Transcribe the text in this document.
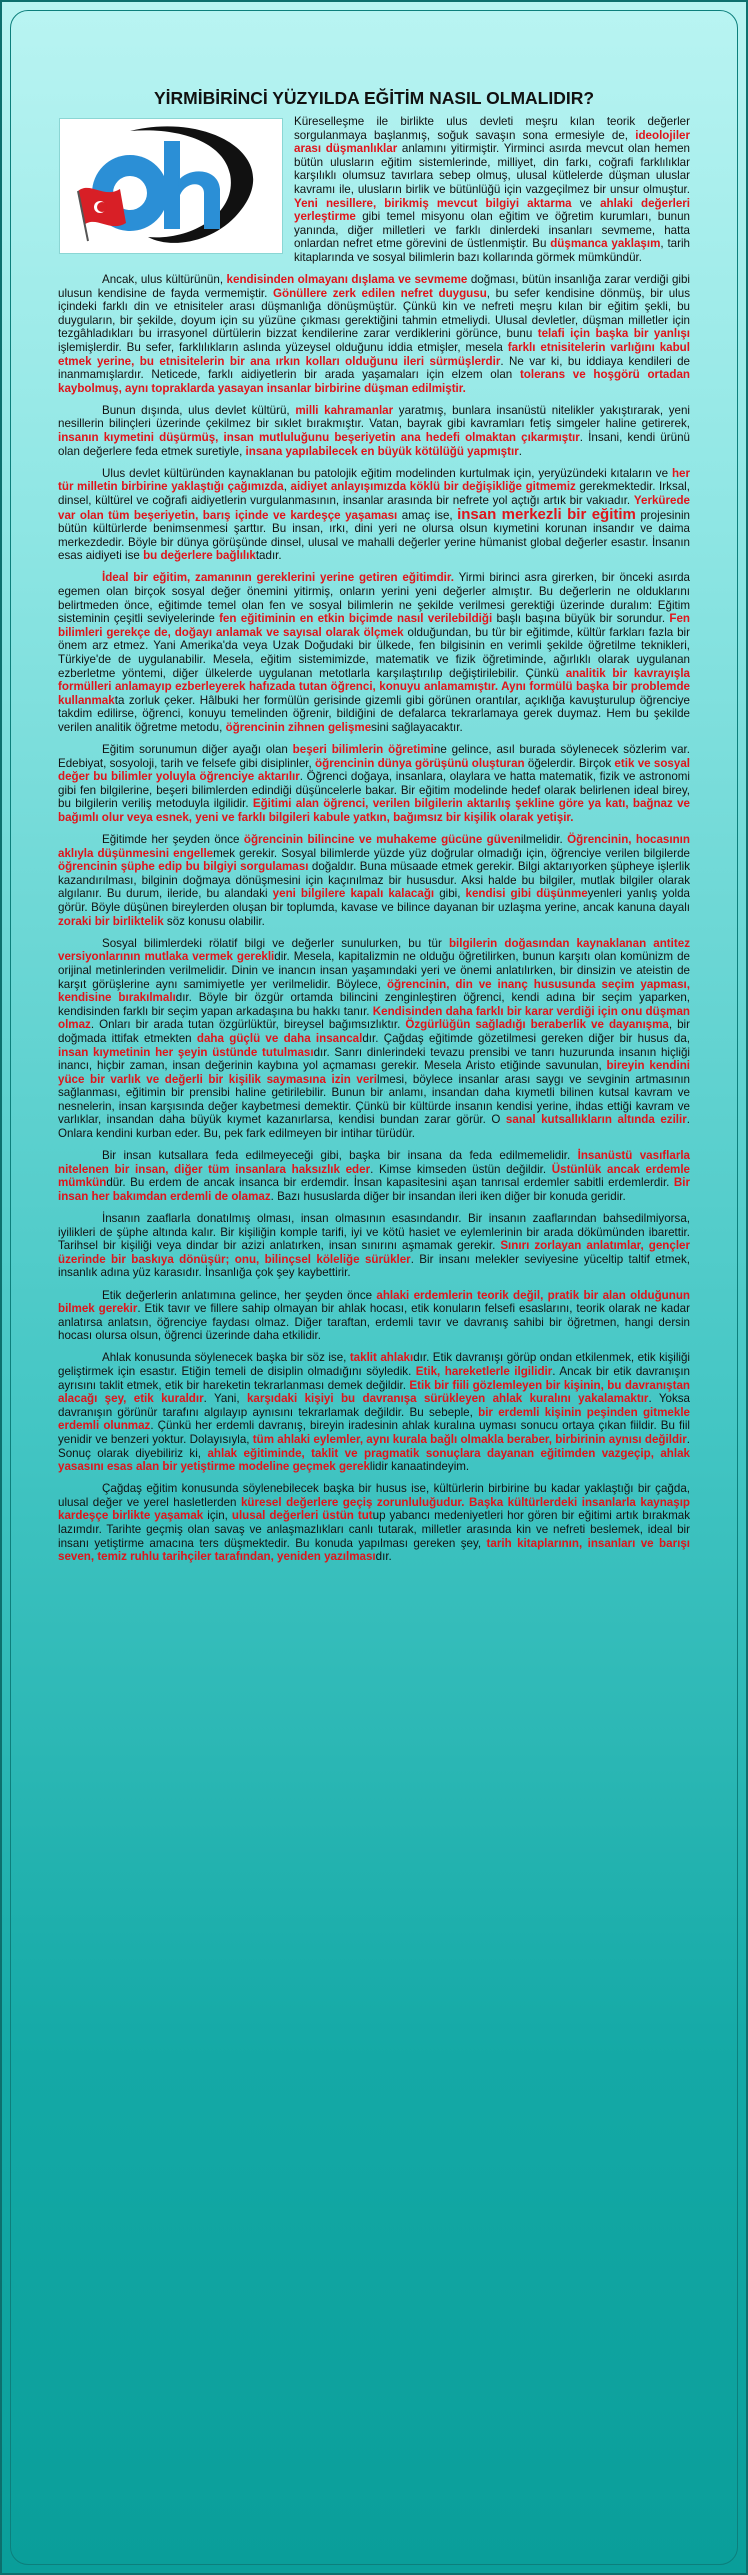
YİRMİBİRİNCİ YÜZYILDA EĞİTİM NASIL OLMALIDIR?

Küreselleşme ile birlikte ulus devleti meşru kılan teorik değerler sorgulanmaya başlanmış, soğuk savaşın sona ermesiyle de, ideolojiler arası düşmanlıklar anlamını yitirmiştir. Yirminci asırda mevcut olan hemen bütün ulusların eğitim sistemlerinde, milliyet, din farkı, coğrafi farklılıklar karşılıklı olumsuz tavırlara sebep olmuş, ulusal kütlelerde düşman uluslar kavramı ile, ulusların birlik ve bütünlüğü için vazgeçilmez bir unsur olmuştur. Yeni nesillere, birikmiş mevcut bilgiyi aktarma ve ahlaki değerleri yerleştirme gibi temel misyonu olan eğitim ve öğretim kurumları, bunun yanında, diğer milletleri ve farklı dinlerdeki insanları sevmeme, hatta onlardan nefret etme görevini de üstlenmiştir. Bu düşmanca yaklaşım, tarih kitaplarında ve sosyal bilimlerin bazı kollarında görmek mümkündür.

Ancak, ulus kültürünün, kendisinden olmayanı dışlama ve sevmeme doğması, bütün insanlığa zarar verdiği gibi ulusun kendisine de fayda vermemiştir. Gönüllere zerk edilen nefret duygusu, bu sefer kendisine dönmüş, bir ulus içindeki farklı din ve etnisiteler arası düşmanlığa dönüşmüştür. Çünkü kin ve nefreti meşru kılan bir eğitim şekli, bu duyguların, bir şekilde, doyum için su yüzüne çıkması gerektiğini tahmin etmeliydi. Ulusal devletler, düşman milletler için tezgâhladıkları bu irrasyonel dürtülerin bizzat kendilerine zarar verdiklerini görünce, bunu telafi için başka bir yanlışı işlemişlerdir. Bu sefer, farklılıkların aslında yüzeysel olduğunu iddia etmişler, mesela farklı etnisitelerin varlığını kabul etmek yerine, bu etnisitelerin bir ana ırkın kolları olduğunu ileri sürmüşlerdir. Ne var ki, bu iddiaya kendileri de inanmamışlardır. Neticede, farklı aidiyetlerin bir arada yaşamaları için elzem olan tolerans ve hoşgörü ortadan kaybolmuş, aynı topraklarda yasayan insanlar birbirine düşman edilmiştir.

Bunun dışında, ulus devlet kültürü, milli kahramanlar yaratmış, bunlara insanüstü nitelikler yakıştırarak, yeni nesillerin bilinçleri üzerinde çekilmez bir sıklet bırakmıştır. Vatan, bayrak gibi kavramları fetiş simgeler haline getirerek, insanın kıymetini düşürmüş, insan mutluluğunu beşeriyetin ana hedefi olmaktan çıkarmıştır. İnsani, kendi ürünü olan değerlere feda etmek suretiyle, insana yapılabilecek en büyük kötülüğü yapmıştır.

Ulus devlet kültüründen kaynaklanan bu patolojik eğitim modelinden kurtulmak için, yeryüzündeki kıtaların ve her tür milletin birbirine yaklaştığı çağımızda, aidiyet anlayışımızda köklü bir değişikliğe gitmemiz gerekmektedir. Irksal, dinsel, kültürel ve coğrafi aidiyetlerin vurgulanmasının, insanlar arasında bir nefrete yol açtığı artık bir vakıadır. Yerkürede var olan tüm beşeriyetin, barış içinde ve kardeşçe yaşaması amaç ise, insan merkezli bir eğitim projesinin bütün kültürlerde benimsenmesi şarttır. Bu insan, ırkı, dini yeri ne olursa olsun kıymetini korunan insandır ve daima merkezdedir. Böyle bir dünya görüşünde dinsel, ulusal ve mahalli değerler yerine hümanist global değerler esastır. İnsanın esas aidiyeti ise bu değerlere bağlılıktadır.

İdeal bir eğitim, zamanının gereklerini yerine getiren eğitimdir. Yirmi birinci asra girerken, bir önceki asırda egemen olan birçok sosyal değer önemini yitirmiş, onların yerini yeni değerler almıştır. Bu değerlerin ne olduklarını belirtmeden önce, eğitimde temel olan fen ve sosyal bilimlerin ne şekilde verilmesi gerektiği üzerinde duralım: Eğitim sisteminin çeşitli seviyelerinde fen eğitiminin en etkin biçimde nasıl verilebildiği başlı başına büyük bir sorundur. Fen bilimleri gerekçe de, doğayı anlamak ve sayısal olarak ölçmek olduğundan, bu tür bir eğitimde, kültür farkları fazla bir önem arz etmez. Yani Amerika'da veya Uzak Doğudaki bir ülkede, fen bilgisinin en verimli şekilde öğretilme teknikleri, Türkiye'de de uygulanabilir. Mesela, eğitim sistemimizde, matematik ve fizik öğretiminde, ağırlıklı olarak uygulanan ezberletme yöntemi, diğer ülkelerde uygulanan metotlarla karşılaştırılıp değiştirilebilir. Çünkü analitik bir kavrayışla formülleri anlamayıp ezberleyerek hafızada tutan öğrenci, konuyu anlamamıştır. Aynı formülü başka bir problemde kullanmakta zorluk çeker. Hâlbuki her formülün gerisinde gizemli gibi görünen orantılar, açıklığa kavuşturulup öğrenciye takdim edilirse, öğrenci, konuyu temelinden öğrenir, bildiğini de defalarca tekrarlamaya gerek duymaz. Hem bu şekilde verilen analitik öğretme metodu, öğrencinin zihnen gelişmesini sağlayacaktır.

Eğitim sorunumun diğer ayağı olan beşeri bilimlerin öğretimine gelince, asıl burada söylenecek sözlerim var. Edebiyat, sosyoloji, tarih ve felsefe gibi disiplinler, öğrencinin dünya görüşünü oluşturan öğelerdir. Birçok etik ve sosyal değer bu bilimler yoluyla öğrenciye aktarılır. Öğrenci doğaya, insanlara, olaylara ve hatta matematik, fizik ve astronomi gibi fen bilgilerine, beşeri bilimlerden edindiği düşüncelerle bakar. Bir eğitim modelinde hedef olarak belirlenen ideal birey, bu bilgilerin veriliş metoduyla ilgilidir. Eğitimi alan öğrenci, verilen bilgilerin aktarılış şekline göre ya katı, bağnaz ve bağımlı olur veya esnek, yeni ve farklı bilgileri kabule yatkın, bağımsız bir kişilik olarak yetişir.

Eğitimde her şeyden önce öğrencinin bilincine ve muhakeme gücüne güvenilmelidir. Öğrencinin, hocasının aklıyla düşünmesini engellemek gerekir. Sosyal bilimlerde yüzde yüz doğrular olmadığı için, öğrenciye verilen bilgilerde öğrencinin şüphe edip bu bilgiyi sorgulaması doğaldır. Buna müsaade etmek gerekir. Bilgi aktarıyorken şüpheye işlerlik kazandırılması, bilginin doğmaya dönüşmesini için kaçınılmaz bir hususdur. Aksi halde bu bilgiler, mutlak bilgiler olarak algılanır. Bu durum, ileride, bu alandaki yeni bilgilere kapalı kalacağı gibi, kendisi gibi düşünmeyenleri yanlış yolda görür. Böyle düşünen bireylerden oluşan bir toplumda, kavase ve bilince dayanan bir uzlaşma yerine, ancak kanuna dayalı zoraki bir birliktelik söz konusu olabilir.

Sosyal bilimlerdeki rölatif bilgi ve değerler sunulurken, bu tür bilgilerin doğasından kaynaklanan antitez versiyonlarının mutlaka vermek gereklidir. Mesela, kapitalizmin ne olduğu öğretilirken, bunun karşıtı olan komünizm de orijinal metinlerinden verilmelidir. Dinin ve inancın insan yaşamındaki yeri ve önemi anlatılırken, bir dinsizin ve ateistin de karşıt görüşlerine aynı samimiyetle yer verilmelidir. Böylece, öğrencinin, din ve inanç hususunda seçim yapması, kendisine bırakılmalıdır. Böyle bir özgür ortamda bilincini zenginleştiren öğrenci, kendi adına bir seçim yaparken, kendisinden farklı bir seçim yapan arkadaşına bu hakkı tanır. Kendisinden daha farklı bir karar verdiği için onu düşman olmaz. Onları bir arada tutan özgürlüktür, bireysel bağımsızlıktır. Özgürlüğün sağladığı beraberlik ve dayanışma, bir doğmada ittifak etmekten daha güçlü ve daha insancaldır. Çağdaş eğitimde gözetilmesi gereken diğer bir husus da, insan kıymetinin her şeyin üstünde tutulmasıdır. Sanrı dinlerindeki tevazu prensibi ve tanrı huzurunda insanın hiçliği inancı, hiçbir zaman, insan değerinin kaybına yol açmaması gerekir. Mesela Aristo etiğinde savunulan, bireyin kendini yüce bir varlık ve değerli bir kişilik saymasına izin verilmesi, böylece insanlar arası saygı ve sevginin artmasının sağlanması, eğitimin bir prensibi haline getirilebilir. Bunun bir anlamı, insandan daha kıymetli bilinen kutsal kavram ve nesnelerin, insan karşısında değer kaybetmesi demektir. Çünkü bir kültürde insanın kendisi yerine, ihdas ettiği kavram ve varlıklar, insandan daha büyük kıymet kazanırlarsa, kendisi bundan zarar görür. O sanal kutsallıkların altında ezilir. Onlara kendini kurban eder. Bu, pek fark edilmeyen bir intihar türüdür.

Bir insan kutsallara feda edilmeyeceği gibi, başka bir insana da feda edilmemelidir. İnsanüstü vasıflarla nitelenen bir insan, diğer tüm insanlara haksızlık eder. Kimse kimseden üstün değildir. Üstünlük ancak erdemle mümkündür. Bu erdem de ancak insanca bir erdemdir. İnsan kapasitesini aşan tanrısal erdemler sabitli erdemlerdir. Bir insan her bakımdan erdemli de olamaz. Bazı hususlarda diğer bir insandan ileri iken diğer bir konuda geridir.

İnsanın zaaflarla donatılmış olması, insan olmasının esasındandır. Bir insanın zaaflarından bahsedilmiyorsa, iyilikleri de şüphe altında kalır. Bir kişiliğin komple tarifi, iyi ve kötü hasiet ve eylemlerinin bir arada dökümünden ibarettir. Tarihsel bir kişiliği veya dindar bir azizi anlatırken, insan sınırını aşmamak gerekir. Sınırı zorlayan anlatımlar, gençler üzerinde bir baskıya dönüşür; onu, bilinçsel köleliğe sürükler. Bir insanı melekler seviyesine yüceltip taltif etmek, insanlık adına yüz karasıdır. İnsanlığa çok şey kaybettirir.

Etik değerlerin anlatımına gelince, her şeyden önce ahlaki erdemlerin teorik değil, pratik bir alan olduğunun bilmek gerekir. Etik tavır ve fillere sahip olmayan bir ahlak hocası, etik konuların felsefi esaslarını, teorik olarak ne kadar anlatırsa anlatsın, öğrenciye faydası olmaz. Diğer taraftan, erdemli tavır ve davranış sahibi bir öğretmen, hangi dersin hocası olursa olsun, öğrenci üzerinde daha etkilidir.

Ahlak konusunda söylenecek başka bir söz ise, taklit ahlakıdır. Etik davranışı görüp ondan etkilenmek, etik kişiliği geliştirmek için esastır. Etiğin temeli de disiplin olmadığını söyledik. Etik, hareketlerle ilgilidir. Ancak bir etik davranışın ayrısını taklit etmek, etik bir hareketin tekrarlanması demek değildir. Etik bir fiili gözlemleyen bir kişinin, bu davranıştan alacağı şey, etik kuraldır. Yani, karşıdaki kişiyi bu davranışa sürükleyen ahlak kuralını yakalamaktır. Yoksa davranışın görünür tarafını algılayıp aynısını tekrarlamak değildir. Bu sebeple, bir erdemli kişinin peşinden gitmekle erdemli olunmaz. Çünkü her erdemli davranış, bireyin iradesinin ahlak kuralına uyması sonucu ortaya çıkan fiildir. Bu fiil yenidir ve benzeri yoktur. Dolayısıyla, tüm ahlaki eylemler, aynı kurala bağlı olmakla beraber, birbirinin aynısı değildir. Sonuç olarak diyebiliriz ki, ahlak eğitiminde, taklit ve pragmatik sonuçlara dayanan eğitimden vazgeçip, ahlak yasasını esas alan bir yetiştirme modeline geçmek gereklidir kanaatindeyim.

Çağdaş eğitim konusunda söylenebilecek başka bir husus ise, kültürlerin birbirine bu kadar yaklaştığı bir çağda, ulusal değer ve yerel hasletlerden küresel değerlere geçiş zorunluluğudur. Başka kültürlerdeki insanlarla kaynaşıp kardeşçe birlikte yaşamak için, ulusal değerleri üstün tutup yabancı medeniyetleri hor gören bir eğitimi artık bırakmak lazımdır. Tarihte geçmiş olan savaş ve anlaşmazlıkları canlı tutarak, milletler arasında kin ve nefreti beslemek, ideal bir insanı yetiştirme amacına ters düşmektedir. Bu konuda yapılması gereken şey, tarih kitaplarının, insanları ve barışı seven, temiz ruhlu tarihçiler tarafından, yeniden yazılmasıdır.
